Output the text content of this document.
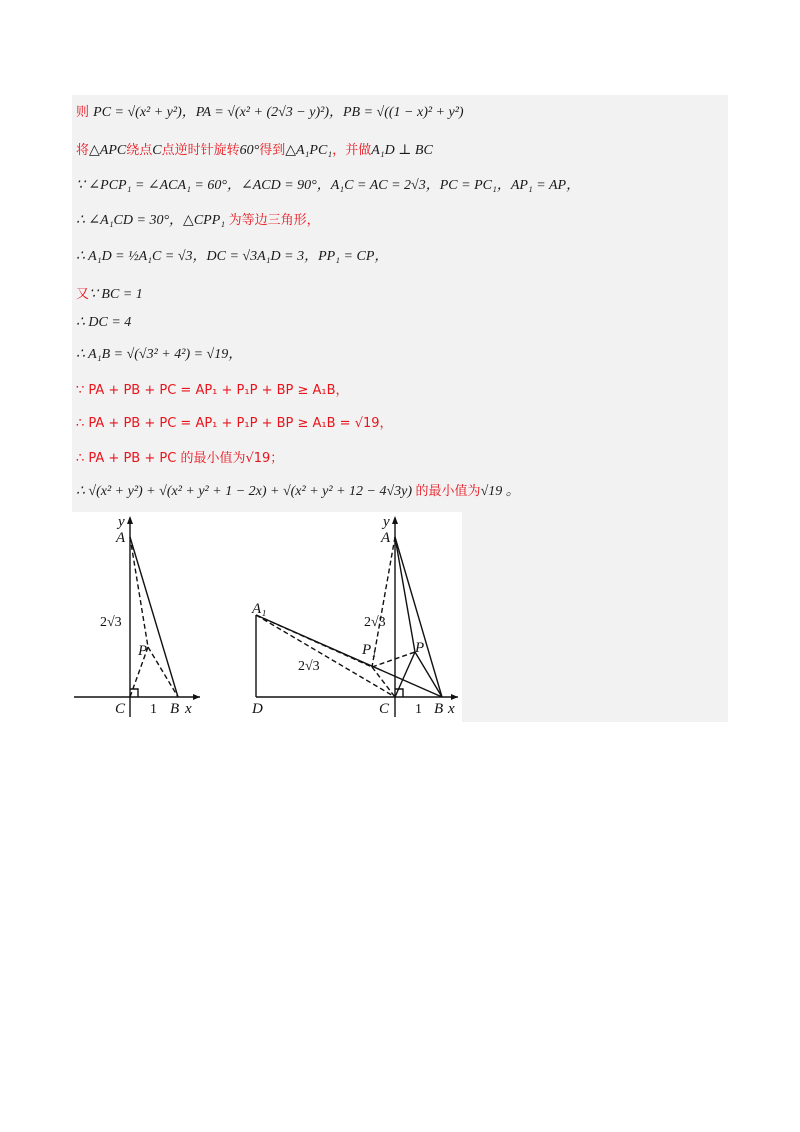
则 PC = √(x² + y²)，PA = √(x² + (2√3 − y)²)，PB = √((1 − x)² + y²)
将△APC绕点C点逆时针旋转60°得到△A₁PC₁，并做A₁D ⊥ BC
∵ ∠PCP₁ = ∠ACA₁ = 60°，∠ACD = 90°，A₁C = AC = 2√3，PC = PC₁，AP₁ = AP，
∴ ∠A₁CD = 30°，△CPP₁ 为等边三角形，
∴ A₁D = ½A₁C = √3，DC = √3A₁D = 3，PP₁ = CP，
又∵ BC = 1
∴ DC = 4
∴ A₁B = √(√3² + 4²) = √19，
∵ PA + PB + PC = AP₁ + P₁P + BP ≥ A₁B，
∴ PA + PB + PC = AP₁ + P₁P + BP ≥ A₁B = √19，
∴ PA + PB + PC 的最小值为√19；
∴ √(x² + y²) + √(x² + y² + 1 − 2x) + √(x² + y² + 12 − 4√3y) 的最小值为√19 。
y
A
P
C	B x
1
2√3
y
A
A₁
P
P₁
C	B x
D	1
2√3
2√3
